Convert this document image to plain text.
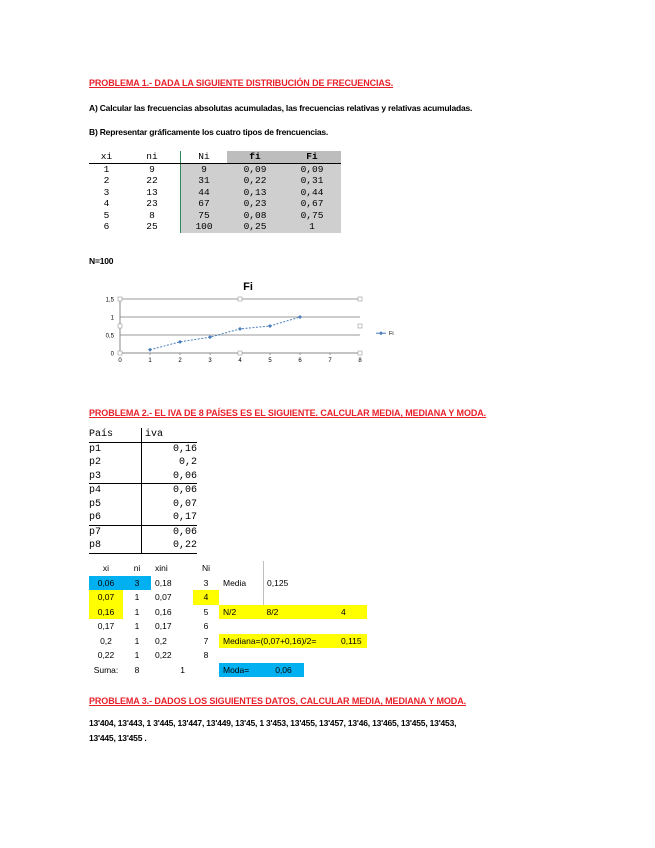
PROBLEMA 1.- DADA LA SIGUIENTE DISTRIBUCIÓN DE FRECUENCIAS.
A) Calcular las frecuencias absolutas acumuladas, las frecuencias relativas y relativas acumuladas.
B) Representar gráficamente los cuatro tipos de frencuencias.
xi	ni	Ni	fi	Fi
1	9	9	0,09	0,09
2	22	31	0,22	0,31
3	13	44	0,13	0,44
4	23	67	0,23	0,67
5	8	75	0,08	0,75
6	25	100	0,25	1
N=100
Fi
0
0,5
1
1,5
0	1	2	3	4	5	6	7	8
Fi
PROBLEMA 2.- EL IVA DE 8 PAÍSES ES EL SIGUIENTE. CALCULAR MEDIA, MEDIANA Y MODA.
País	iva
p1	0,16
p2	0,2
p3	0,06
p4	0,06
p5	0,07
p6	0,17
p7	0,06
p8	0,22
xi	ni	xini	Ni			
0,06	3	0,18	3	Media	0,125	
0,07	1	0,07	4			
0,16	1	0,16	5	N/2	8/2	4
0,17	1	0,17	6			
0,2	1	0,2	7	Mediana=(0,07+0,16)/2=		0,115
0,22	1	0,22	8			
Suma:	8	1		Moda=	0,06	
PROBLEMA 3.- DADOS LOS SIGUIENTES DATOS, CALCULAR MEDIA, MEDIANA Y MODA.
13'404, 13'443, 1 3'445, 13'447, 13'449, 13'45, 1 3'453, 13'455, 13'457, 13'46, 13'465, 13'455, 13'453,
13'445, 13'455 .
